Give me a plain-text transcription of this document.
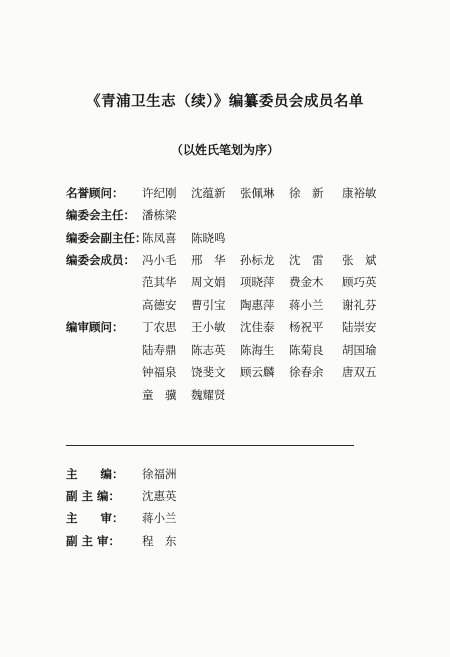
《青浦卫生志（续）》编纂委员会成员名单
（以姓氏笔划为序）
名誉顾问： 许纪刚 沈蕴新 张佩琳 徐　新 康裕敏
编委会主任： 潘栋梁
编委会副主任：
陈凤喜 陈晓鸣
编委会成员： 冯小毛 邢　华 孙标龙 沈　雷 张　斌
范其华 周文娟 项晓萍 费金木 顾巧英
高德安 曹引宝 陶惠萍 蒋小兰 谢礼芬
编审顾问： 丁农思 王小敏 沈佳泰 杨祝平 陆崇安
陆寿鼎 陈志英 陈海生 陈菊良 胡国瑜
钟福泉 饶斐文 顾云麟 徐春余 唐双五
童　骥 魏耀贤
主　　编： 徐福洲
副 主 编： 沈惠英
主　　审： 蒋小兰
副 主 审： 程　东
